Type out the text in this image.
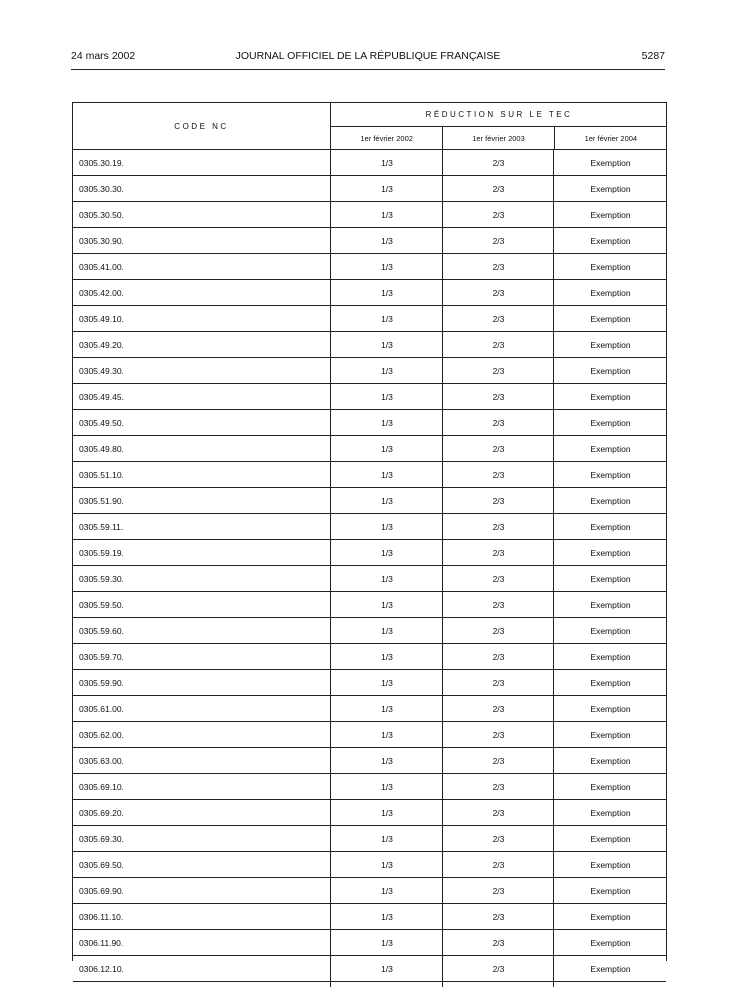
24 mars 2002	JOURNAL OFFICIEL DE LA RÉPUBLIQUE FRANÇAISE	5287
CODE NC
RÉDUCTION SUR LE TEC
1er février 2002	1er février 2003	1er février 2004
0305.30.19.	1/3	2/3	Exemption
0305.30.30.	1/3	2/3	Exemption
0305.30.50.	1/3	2/3	Exemption
0305.30.90.	1/3	2/3	Exemption
0305.41.00.	1/3	2/3	Exemption
0305.42.00.	1/3	2/3	Exemption
0305.49.10.	1/3	2/3	Exemption
0305.49.20.	1/3	2/3	Exemption
0305.49.30.	1/3	2/3	Exemption
0305.49.45.	1/3	2/3	Exemption
0305.49.50.	1/3	2/3	Exemption
0305.49.80.	1/3	2/3	Exemption
0305.51.10.	1/3	2/3	Exemption
0305.51.90.	1/3	2/3	Exemption
0305.59.11.	1/3	2/3	Exemption
0305.59.19.	1/3	2/3	Exemption
0305.59.30.	1/3	2/3	Exemption
0305.59.50.	1/3	2/3	Exemption
0305.59.60.	1/3	2/3	Exemption
0305.59.70.	1/3	2/3	Exemption
0305.59.90.	1/3	2/3	Exemption
0305.61.00.	1/3	2/3	Exemption
0305.62.00.	1/3	2/3	Exemption
0305.63.00.	1/3	2/3	Exemption
0305.69.10.	1/3	2/3	Exemption
0305.69.20.	1/3	2/3	Exemption
0305.69.30.	1/3	2/3	Exemption
0305.69.50.	1/3	2/3	Exemption
0305.69.90.	1/3	2/3	Exemption
0306.11.10.	1/3	2/3	Exemption
0306.11.90.	1/3	2/3	Exemption
0306.12.10.	1/3	2/3	Exemption
